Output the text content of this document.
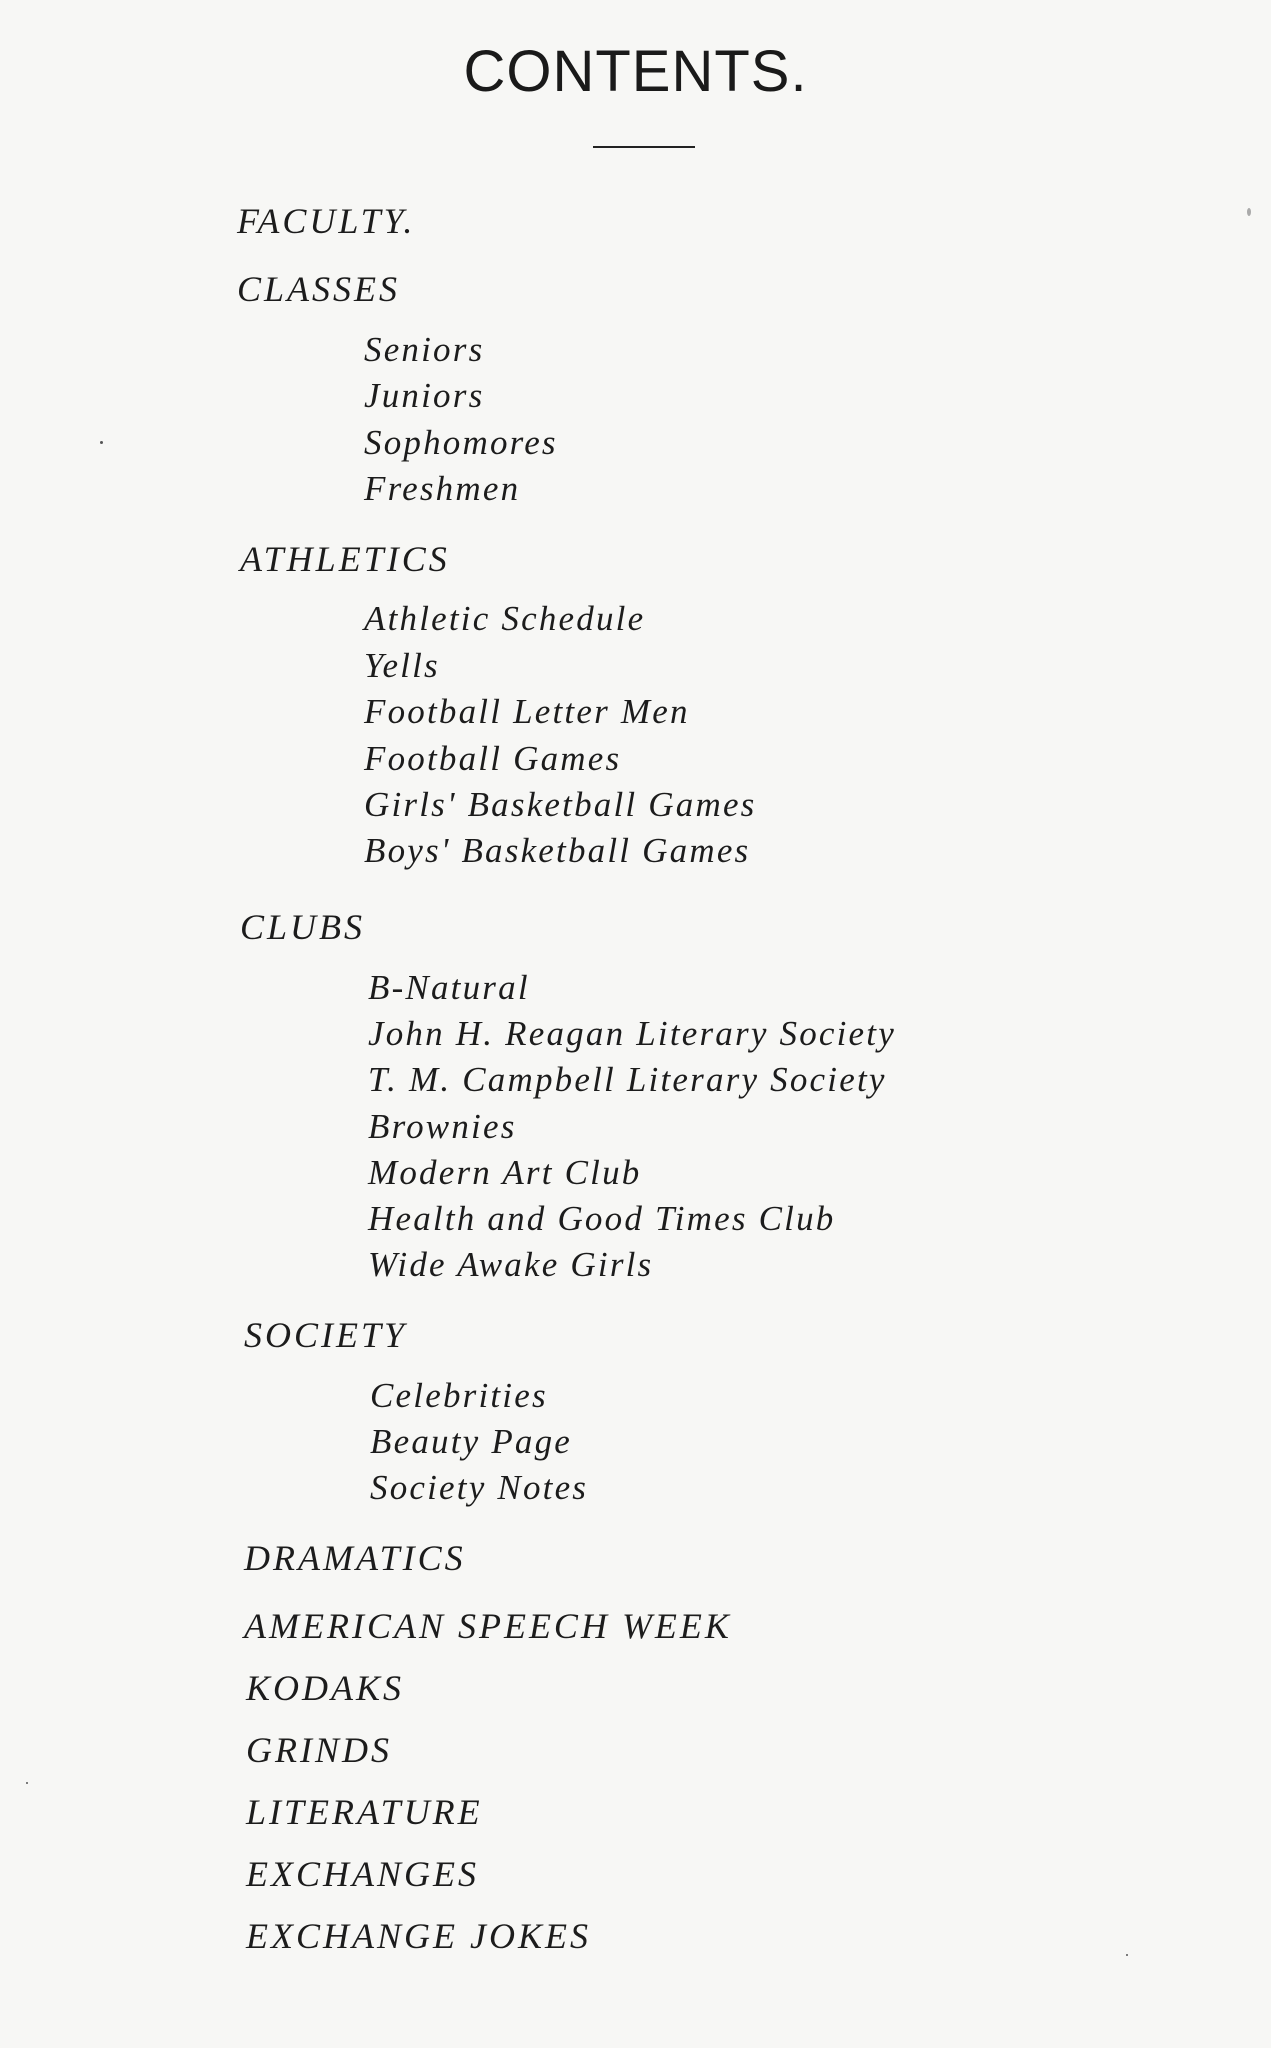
CONTENTS.
FACULTY.
CLASSES
Seniors
Juniors
Sophomores
Freshmen
ATHLETICS
Athletic Schedule
Yells
Football Letter Men
Football Games
Girls' Basketball Games
Boys' Basketball Games
CLUBS
B-Natural
John H. Reagan Literary Society
T. M. Campbell Literary Society
Brownies
Modern Art Club
Health and Good Times Club
Wide Awake Girls
SOCIETY
Celebrities
Beauty Page
Society Notes
DRAMATICS
AMERICAN SPEECH WEEK
KODAKS
GRINDS
LITERATURE
EXCHANGES
EXCHANGE JOKES
